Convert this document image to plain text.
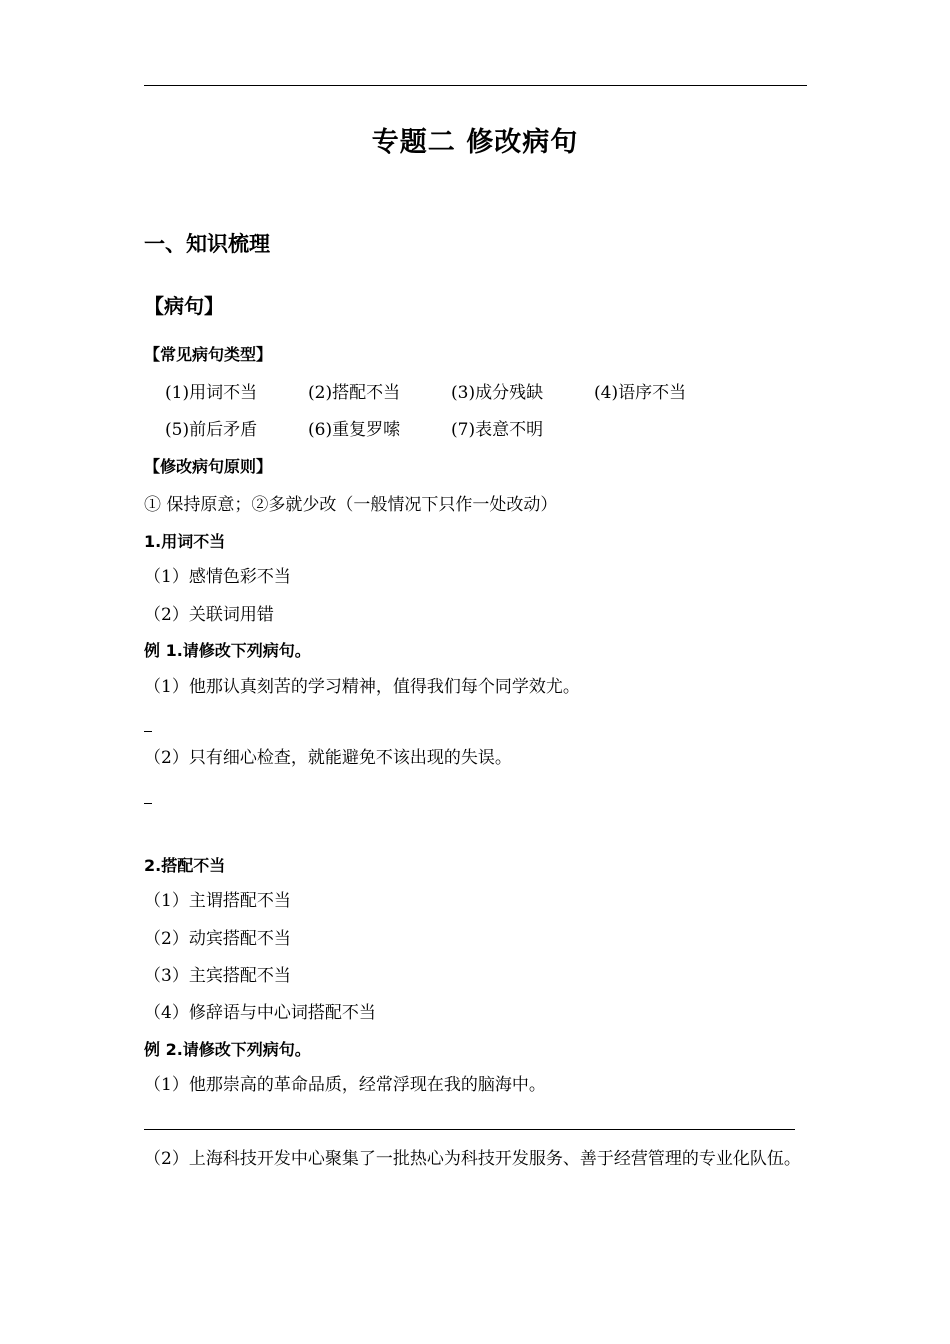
专题二 修改病句
一、知识梳理
【病句】
【常见病句类型】
(1)用词不当	(2)搭配不当	(3)成分残缺	(4)语序不当
(5)前后矛盾	(6)重复罗嗦	(7)表意不明
【修改病句原则】
① 保持原意；②多就少改（一般情况下只作一处改动）
1.用词不当
（1）感情色彩不当
（2）关联词用错
例 1.请修改下列病句。
（1）他那认真刻苦的学习精神，值得我们每个同学效尤。
（2）只有细心检查，就能避免不该出现的失误。
2.搭配不当
（1）主谓搭配不当
（2）动宾搭配不当
（3）主宾搭配不当
（4）修辞语与中心词搭配不当
例 2.请修改下列病句。
（1）他那崇高的革命品质，经常浮现在我的脑海中。
（2）上海科技开发中心聚集了一批热心为科技开发服务、善于经营管理的专业化队伍。
